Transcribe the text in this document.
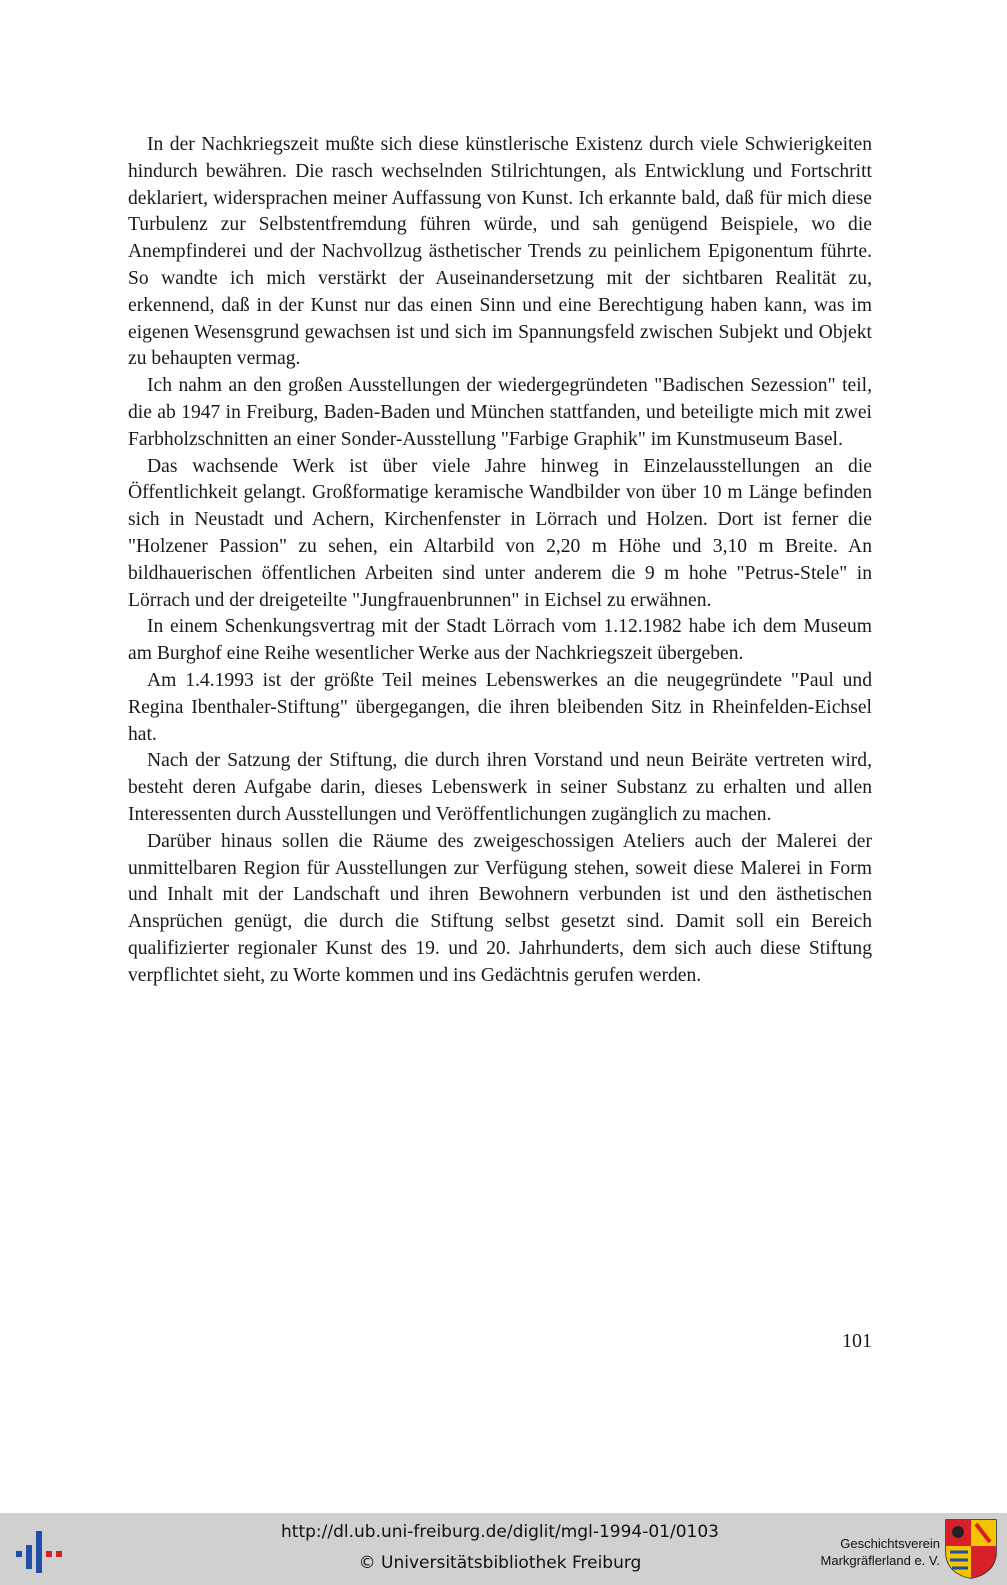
In der Nachkriegszeit mußte sich diese künstlerische Existenz durch viele Schwierigkeiten hindurch bewähren. Die rasch wechselnden Stilrichtungen, als Entwicklung und Fortschritt deklariert, widersprachen meiner Auffassung von Kunst. Ich erkannte bald, daß für mich diese Turbulenz zur Selbstentfremdung führen würde, und sah genügend Beispiele, wo die Anempfinderei und der Nachvollzug ästhetischer Trends zu peinlichem Epigonentum führte. So wandte ich mich verstärkt der Auseinandersetzung mit der sichtbaren Realität zu, erkennend, daß in der Kunst nur das einen Sinn und eine Berechtigung haben kann, was im eigenen Wesensgrund gewachsen ist und sich im Spannungsfeld zwischen Subjekt und Objekt zu behaupten vermag.

Ich nahm an den großen Ausstellungen der wiedergegründeten "Badischen Sezession" teil, die ab 1947 in Freiburg, Baden-Baden und München stattfanden, und beteiligte mich mit zwei Farbholzschnitten an einer Sonder-Ausstellung "Farbige Graphik" im Kunstmuseum Basel.

Das wachsende Werk ist über viele Jahre hinweg in Einzelausstellungen an die Öffentlichkeit gelangt. Großformatige keramische Wandbilder von über 10 m Länge befinden sich in Neustadt und Achern, Kirchenfenster in Lörrach und Holzen. Dort ist ferner die "Holzener Passion" zu sehen, ein Altarbild von 2,20 m Höhe und 3,10 m Breite. An bildhauerischen öffentlichen Arbeiten sind unter anderem die 9 m hohe "Petrus-Stele" in Lörrach und der dreigeteilte "Jungfrauenbrunnen" in Eichsel zu erwähnen.

In einem Schenkungsvertrag mit der Stadt Lörrach vom 1.12.1982 habe ich dem Museum am Burghof eine Reihe wesentlicher Werke aus der Nachkriegszeit übergeben.

Am 1.4.1993 ist der größte Teil meines Lebenswerkes an die neugegründete "Paul und Regina Ibenthaler-Stiftung" übergegangen, die ihren bleibenden Sitz in Rheinfelden-Eichsel hat.

Nach der Satzung der Stiftung, die durch ihren Vorstand und neun Beiräte vertreten wird, besteht deren Aufgabe darin, dieses Lebenswerk in seiner Substanz zu erhalten und allen Interessenten durch Ausstellungen und Veröffentlichungen zugänglich zu machen.

Darüber hinaus sollen die Räume des zweigeschossigen Ateliers auch der Malerei der unmittelbaren Region für Ausstellungen zur Verfügung stehen, soweit diese Malerei in Form und Inhalt mit der Landschaft und ihren Bewohnern verbunden ist und den ästhetischen Ansprüchen genügt, die durch die Stiftung selbst gesetzt sind. Damit soll ein Bereich qualifizierter regionaler Kunst des 19. und 20. Jahrhunderts, dem sich auch diese Stiftung verpflichtet sieht, zu Worte kommen und ins Gedächtnis gerufen werden.

101
http://dl.ub.uni-freiburg.de/diglit/mgl-1994-01/0103
© Universitätsbibliothek Freiburg
Geschichtsverein
Markgräflerland e. V.
